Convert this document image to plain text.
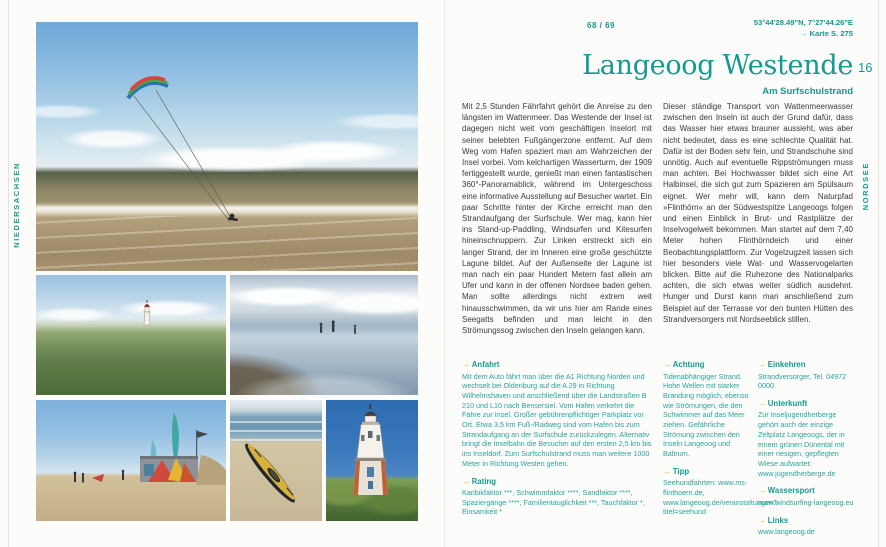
NIEDERSACHSEN	NORDSEE
68 / 69	53°44'28.49"N, 7°27'44.26"E
→ Karte S. 275
Langeoog Westende 16
Am Surfschulstrand
Mit 2,5 Stunden Fährfahrt gehört die Anreise zu den längsten im Wattenmeer. Das Westende der Insel ist dagegen nicht weit vom geschäftigen Inselort mit seiner belebten Fußgängerzone entfernt. Auf dem Weg vom Hafen spaziert man am Wahrzeichen der Insel vorbei. Vom kelchartigen Wasserturm, der 1909 fertiggestellt wurde, genießt man einen fantastischen 360°-Panoramablick, während im Untergeschoss eine informative Ausstellung auf Besucher wartet. Ein paar Schritte hinter der Kirche erreicht man den Strandaufgang der Surfschule. Wer mag, kann hier ins Stand-up-Paddling, Windsurfen und Kitesurfen hineinschnuppern. Zur Linken erstreckt sich ein langer Strand, der im Inneren eine große geschützte Lagune bildet. Auf der Außenseite der Lagune ist man nach ein paar Hundert Metern fast allein am Ufer und kann in der offenen Nordsee baden gehen. Man sollte allerdings nicht extrem weit hinausschwimmen, da wir uns hier am Rande eines Seegatts befinden und man leicht in den Strömungssog zwischen den Inseln gelangen kann.
Dieser ständige Transport von Wattenmeerwasser zwischen den Inseln ist auch der Grund dafür, dass das Wasser hier etwas brauner aussieht, was aber nicht bedeutet, dass es eine schlechte Qualität hat. Dafür ist der Boden sehr fein, und Strandschuhe sind unnötig. Auch auf eventuelle Rippströmungen muss man achten. Bei Hochwasser bildet sich eine Art Halbinsel, die sich gut zum Spazieren am Spülsaum eignet. Wer mehr will, kann dem Naturpfad »Flinthörn« an der Südwestspitze Langeoogs folgen und einen Einblick in Brut- und Rastplätze der Inselvogelwelt bekommen. Man startet auf dem 7,40 Meter hohen Flinthörndeich und einer Beobachtungsplattform. Zur Vogelzugzeit lassen sich hier besonders viele Wat- und Wasservogelarten blicken. Bitte auf die Ruhezone des Nationalparks achten, die sich etwas weiter südlich ausdehnt. Hunger und Durst kann man anschließend zum Beispiel auf der Terrasse vor den bunten Hütten des Strandversorgers mit Nordseeblick stillen.
→ Anfahrt
Mit dem Auto fährt man über die A1 Richtung Norden und wechselt bei Oldenburg auf die A 29 in Richtung Wilhelmshaven und anschließend über die Landstraßen B 210 und L10 nach Bensersiel. Vom Hafen verkehrt die Fähre zur Insel. Großer gebührenpflichtiger Parkplatz vor Ort. Etwa 3,5 km Fuß-/Radweg sind vom Hafen bis zum Strandaufgang an der Surfschule zurückzulegen. Alternativ bringt die Inselbahn die Besucher auf den ersten 2,5 km bis ins Inseldorf. Zum Surfschulstrand muss man weitere 1000 Meter in Richtung Westen gehen.
→ Rating
Karibikfaktor ***, Schwimmfaktor ****, Sandfaktor ****, Spaziergänge ****, Familientauglichkeit ***, Tauchfaktor *, Einsamkeit *
→ Achtung
Tidenabhängiger Strand. Hohe Wellen mit starker Brandung möglich, ebenso wie Strömungen, die den Schwimmer auf das Meer ziehen. Gefährliche Strömung zwischen den Inseln Langeoog und Baltrum.
→ Tipp
Seehundfahrten: www.ms-flinthoern.de, www.langeoog.de/veranstaltungen?titel=seehund
→ Einkehren
Strandversorger, Tel. 04972 0000
→ Unterkunft
Zur Inseljugendherberge gehört auch der einzige Zeltplatz Langeoogs, der in einem grünen Dünental mit einer riesigen, gepflegten Wiese aufwartet: www.jugendherberge.de
→ Wassersport
www.windsurfing-langeoog.eu
→ Links
www.langeoog.de
